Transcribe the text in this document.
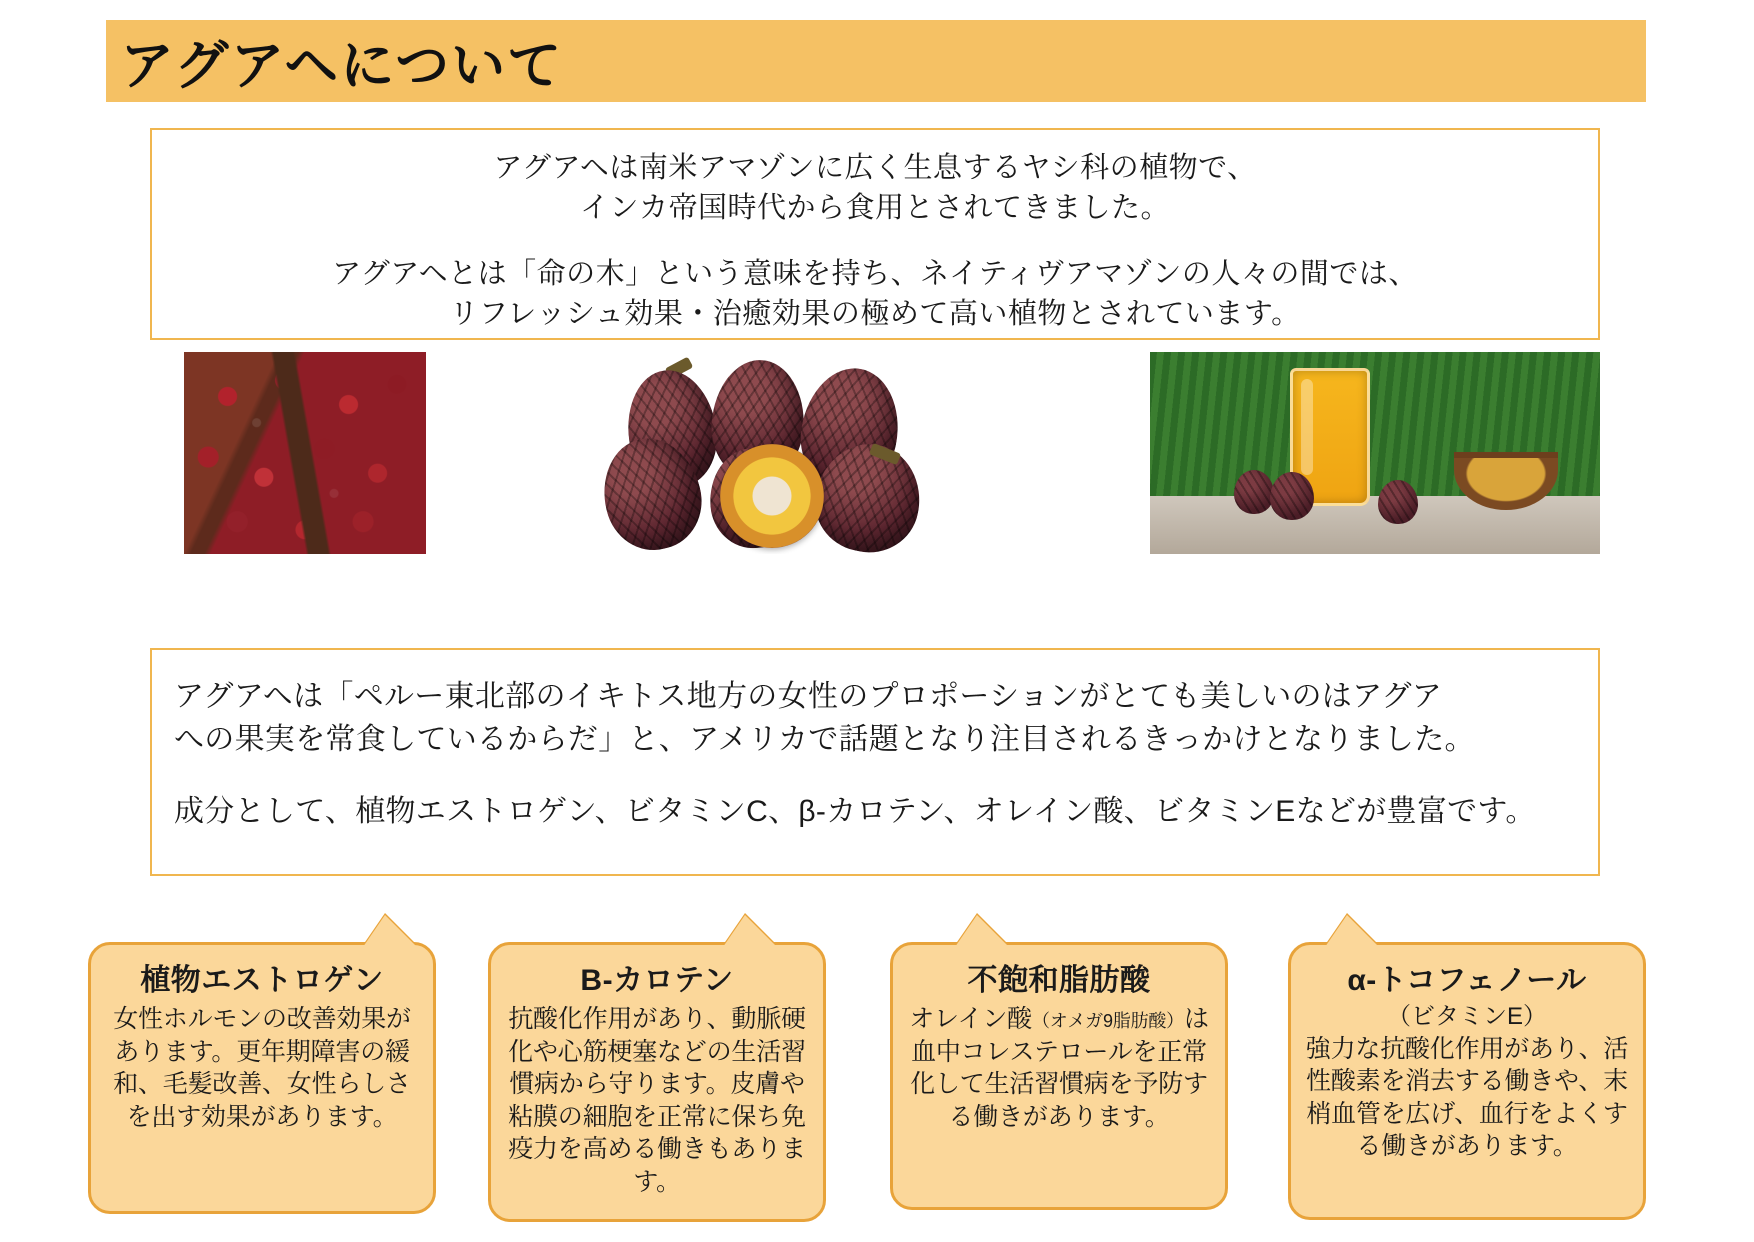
アグアヘについて

アグアヘは南米アマゾンに広く生息するヤシ科の植物で、

インカ帝国時代から食用とされてきました。

アグアヘとは「命の木」という意味を持ち、ネイティヴアマゾンの人々の間では、

リフレッシュ効果・治癒効果の極めて高い植物とされています。

アグアヘは「ペルー東北部のイキトス地方の女性のプロポーションがとても美しいのはアグア

への果実を常食しているからだ」と、アメリカで話題となり注目されるきっかけとなりました。

成分として、植物エストロゲン、ビタミンC、β-カロテン、オレイン酸、ビタミンEなどが豊富です。

植物エストロゲン

女性ホルモンの改善効果があります。更年期障害の緩和、毛髪改善、女性らしさを出す効果があります。

Β-カロテン

抗酸化作用があり、動脈硬化や心筋梗塞などの生活習慣病から守ります。皮膚や粘膜の細胞を正常に保ち免疫力を高める働きもあります。

不飽和脂肪酸

オレイン酸（オメガ9脂肪酸）は血中コレステロールを正常化して生活習慣病を予防する働きがあります。

α-トコフェノール

（ビタミンE）

強力な抗酸化作用があり、活性酸素を消去する働きや、末梢血管を広げ、血行をよくする働きがあります。
